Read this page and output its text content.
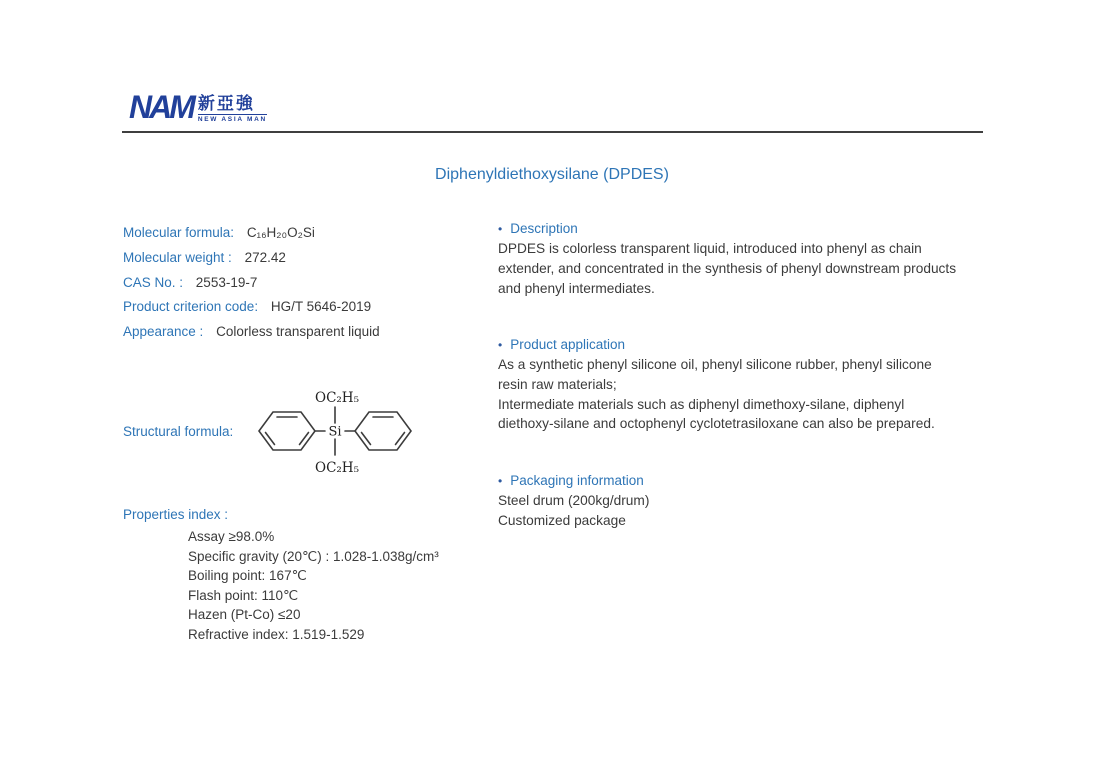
NAM 新亞強
NEW ASIA MAN
Diphenyldiethoxysilane (DPDES)
Molecular formula: C₁₆H₂₀O₂Si
Molecular weight : 272.42
CAS No. : 2553-19-7
Product criterion code: HG/T 5646-2019
Appearance : Colorless transparent liquid
Structural formula:	Si
OC₂H₅
OC₂H₅
Properties index :
Assay ≥98.0%
Specific gravity (20℃) : 1.028-1.038g/cm³
Boiling point: 167℃
Flash point: 110℃
Hazen (Pt-Co) ≤20
Refractive index: 1.519-1.529
• Description
DPDES is colorless transparent liquid, introduced into phenyl as chain extender, and concentrated in the synthesis of phenyl downstream products and phenyl intermediates.
• Product application
As a synthetic phenyl silicone oil, phenyl silicone rubber, phenyl silicone resin raw materials;
Intermediate materials such as diphenyl dimethoxy-silane, diphenyl diethoxy-silane and octophenyl cyclotetrasiloxane can also be prepared.
• Packaging information
Steel drum (200kg/drum)
Customized package
